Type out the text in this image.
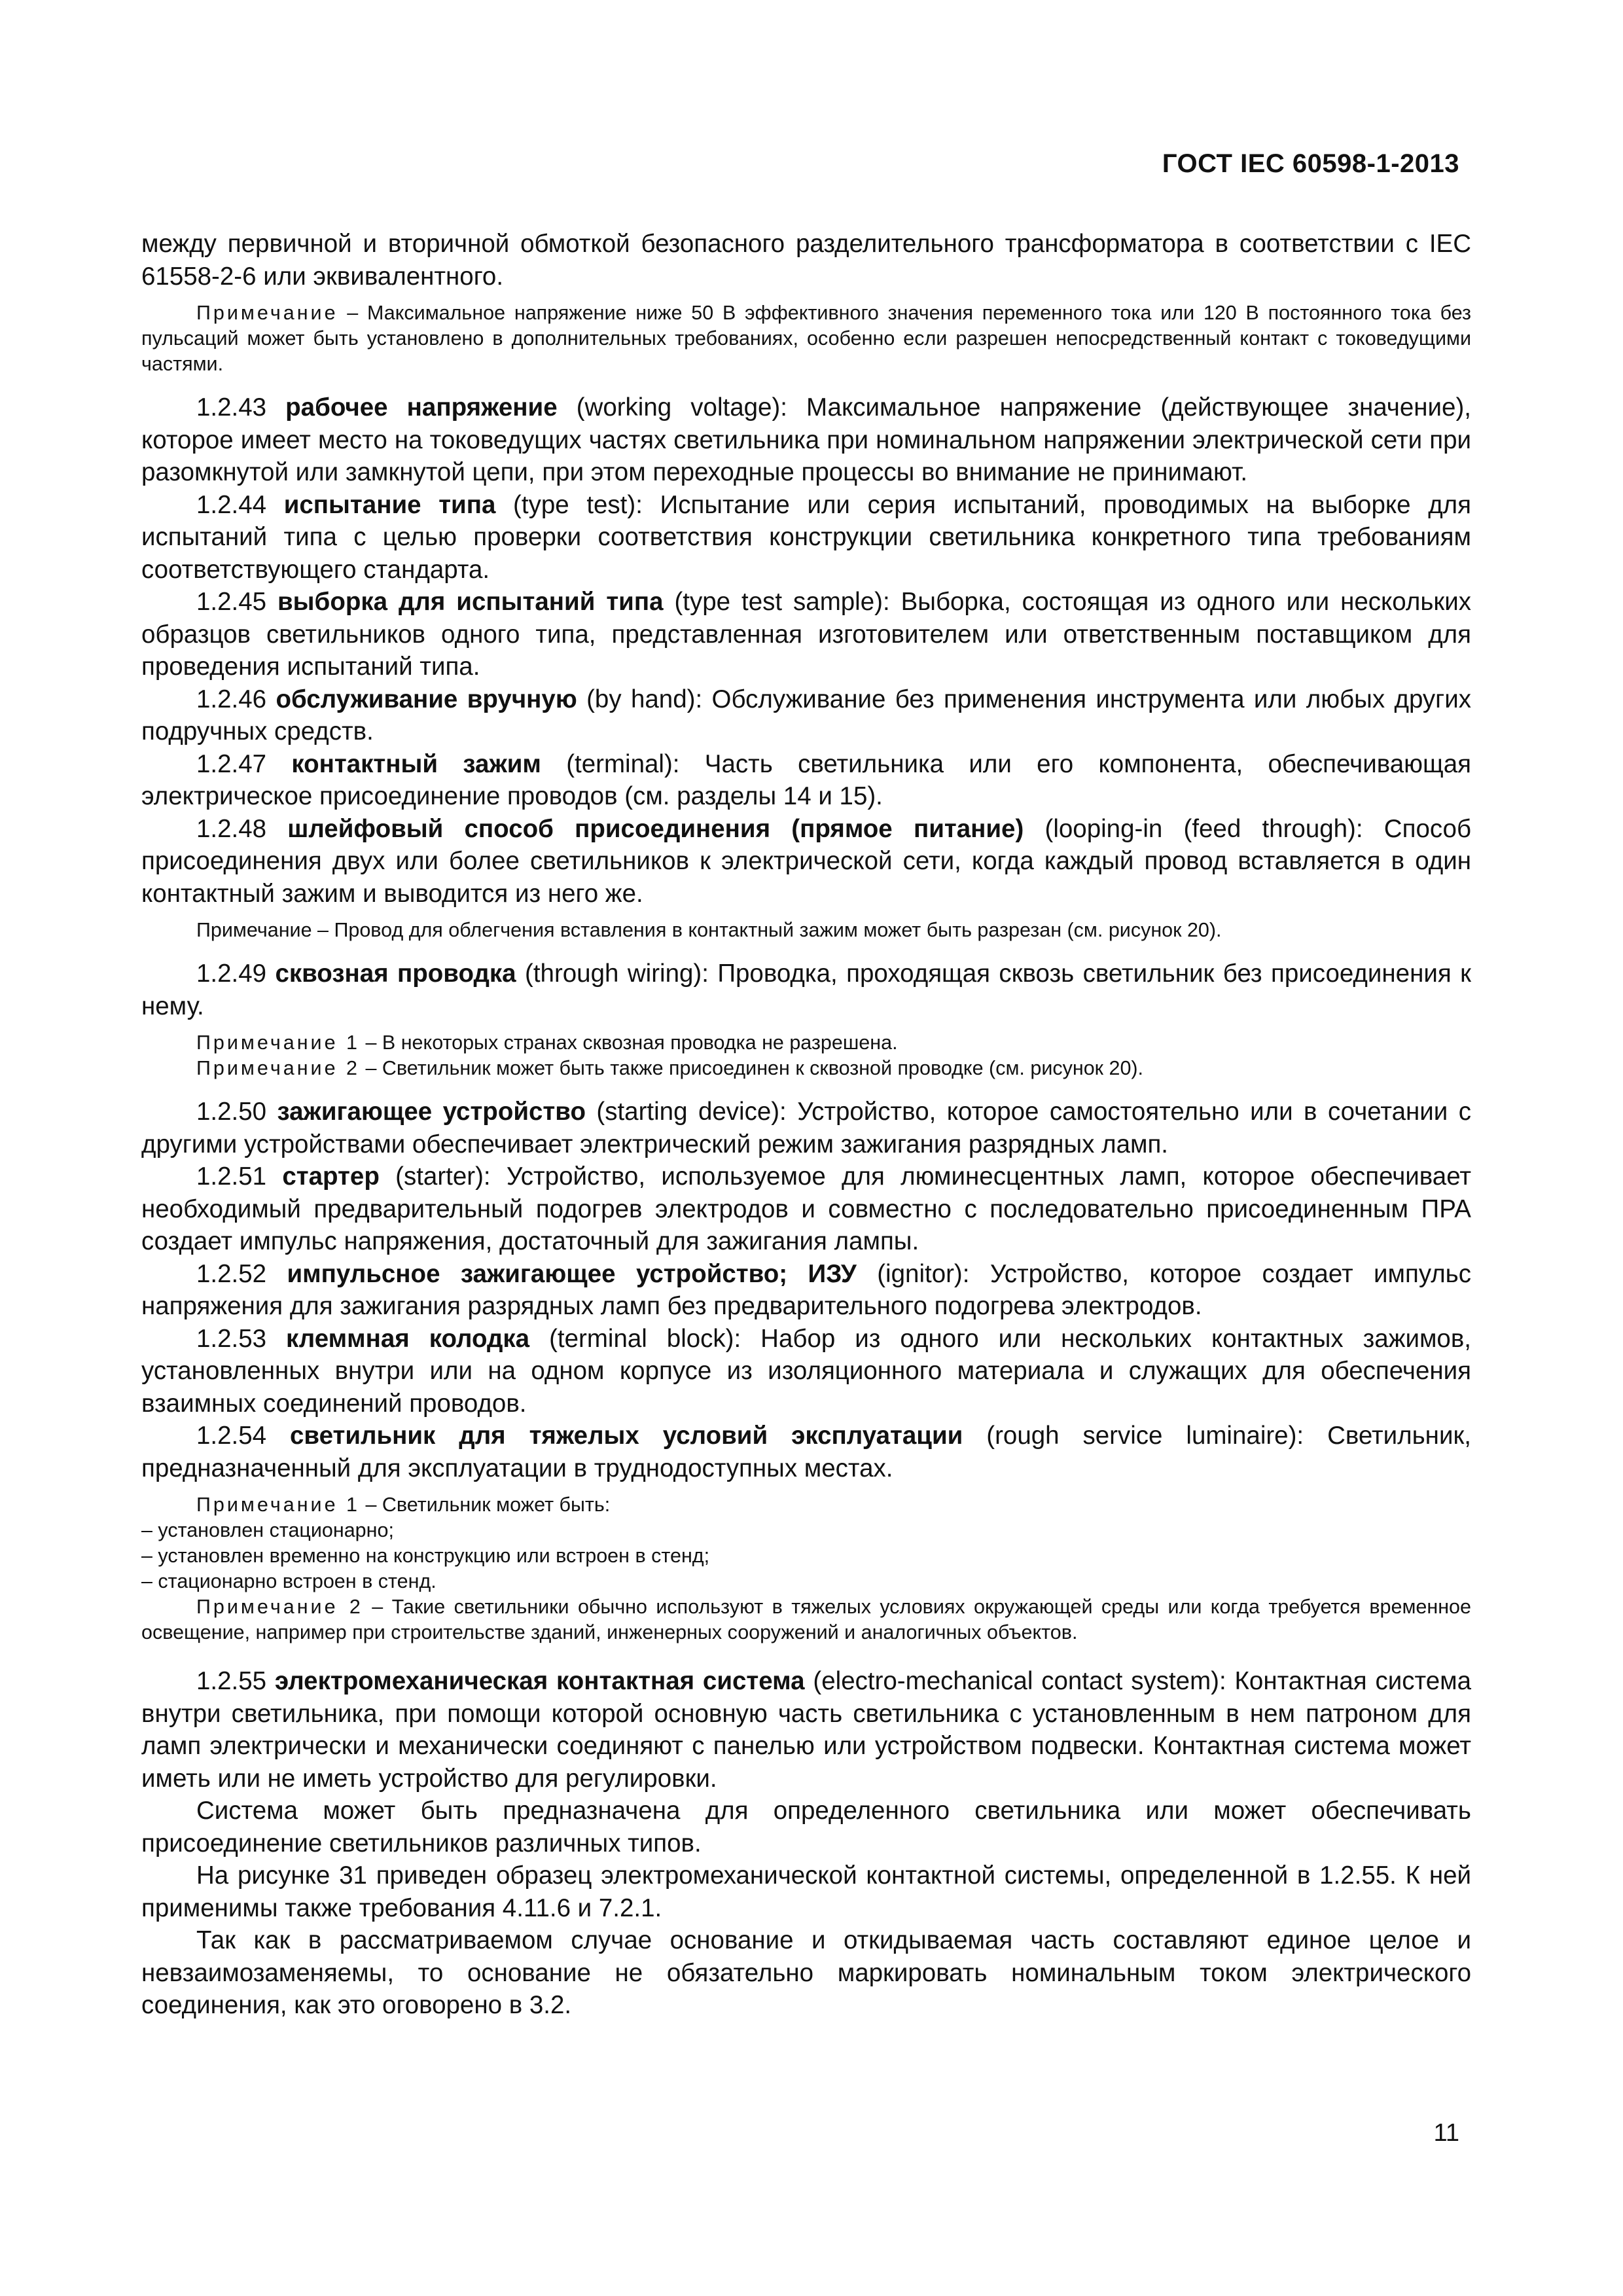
ГОСТ IEC 60598-1-2013

между первичной и вторичной обмоткой безопасного разделительного трансформатора в соответствии с IEC 61558-2-6 или эквивалентного.

Примечание – Максимальное напряжение ниже 50 В эффективного значения переменного тока или 120 В постоянного тока без пульсаций может быть установлено в дополнительных требованиях, особенно если разрешен непосредственный контакт с токоведущими частями.

1.2.43 рабочее напряжение (working voltage): Максимальное напряжение (действующее значение), которое имеет место на токоведущих частях светильника при номинальном напряжении электрической сети при разомкнутой или замкнутой цепи, при этом переходные процессы во внимание не принимают.

1.2.44 испытание типа (type test): Испытание или серия испытаний, проводимых на выборке для испытаний типа с целью проверки соответствия конструкции светильника конкретного типа требованиям соответствующего стандарта.

1.2.45 выборка для испытаний типа (type test sample): Выборка, состоящая из одного или нескольких образцов светильников одного типа, представленная изготовителем или ответственным поставщиком для проведения испытаний типа.

1.2.46 обслуживание вручную (by hand): Обслуживание без применения инструмента или любых других подручных средств.

1.2.47 контактный зажим (terminal): Часть светильника или его компонента, обеспечивающая электрическое присоединение проводов (см. разделы 14 и 15).

1.2.48 шлейфовый способ присоединения (прямое питание) (looping-in (feed through): Способ присоединения двух или более светильников к электрической сети, когда каждый провод вставляется в один контактный зажим и выводится из него же.

Примечание – Провод для облегчения вставления в контактный зажим может быть разрезан (см. рисунок 20).

1.2.49 сквозная проводка (through wiring): Проводка, проходящая сквозь светильник без присоединения к нему.

Примечание 1 – В некоторых странах сквозная проводка не разрешена.

Примечание 2 – Светильник может быть также присоединен к сквозной проводке (см. рисунок 20).

1.2.50 зажигающее устройство (starting device): Устройство, которое самостоятельно или в сочетании с другими устройствами обеспечивает электрический режим зажигания разрядных ламп.

1.2.51 стартер (starter): Устройство, используемое для люминесцентных ламп, которое обеспечивает необходимый предварительный подогрев электродов и совместно с последовательно присоединенным ПРА создает импульс напряжения, достаточный для зажигания лампы.

1.2.52 импульсное зажигающее устройство; ИЗУ (ignitor): Устройство, которое создает импульс напряжения для зажигания разрядных ламп без предварительного подогрева электродов.

1.2.53 клеммная колодка (terminal block): Набор из одного или нескольких контактных зажимов, установленных внутри или на одном корпусе из изоляционного материала и служащих для обеспечения взаимных соединений проводов.

1.2.54 светильник для тяжелых условий эксплуатации (rough service luminaire): Светильник, предназначенный для эксплуатации в труднодоступных местах.

Примечание 1 – Светильник может быть:

– установлен стационарно;

– установлен временно на конструкцию или встроен в стенд;

– стационарно встроен в стенд.

Примечание 2 – Такие светильники обычно используют в тяжелых условиях окружающей среды или когда требуется временное освещение, например при строительстве зданий, инженерных сооружений и аналогичных объектов.

1.2.55 электромеханическая контактная система (electro-mechanical contact system): Контактная система внутри светильника, при помощи которой основную часть светильника с установленным в нем патроном для ламп электрически и механически соединяют с панелью или устройством подвески. Контактная система может иметь или не иметь устройство для регулировки.

Система может быть предназначена для определенного светильника или может обеспечивать присоединение светильников различных типов.

На рисунке 31 приведен образец электромеханической контактной системы, определенной в 1.2.55. К ней применимы также требования 4.11.6 и 7.2.1.

Так как в рассматриваемом случае основание и откидываемая часть составляют единое целое и невзаимозаменяемы, то основание не обязательно маркировать номинальным током электрического соединения, как это оговорено в 3.2.

11
